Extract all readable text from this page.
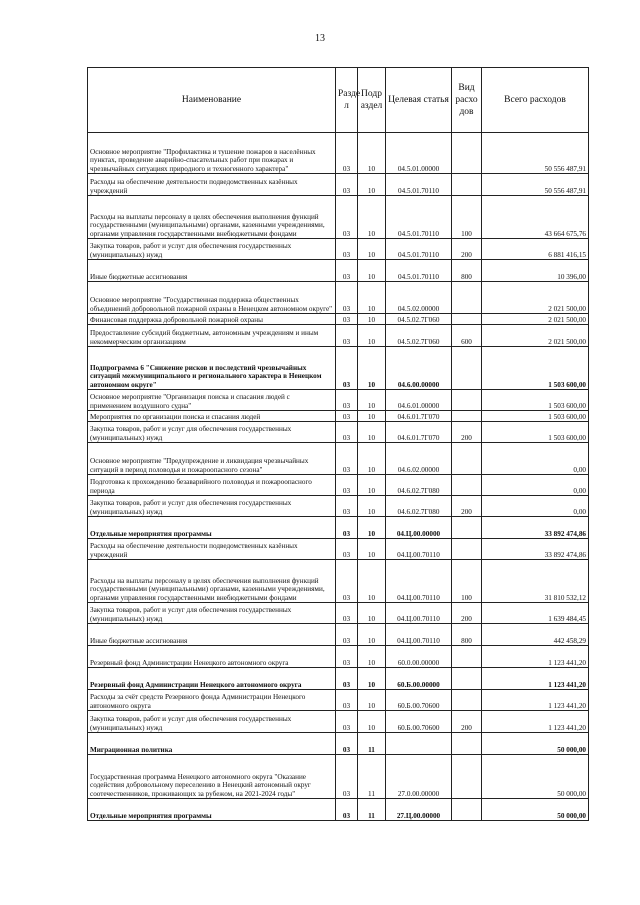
13
Наименование	Разде л	Подр аздел	Целевая статья	Вид расхо дов	Всего расходов
Основное мероприятие "Профилактика и тушение пожаров в населённых пунктах, проведение аварийно-спасательных работ при пожарах и чрезвычайных ситуациях природного и техногенного характера"	03	10	04.5.01.00000		50 556 487,91
Расходы на обеспечение деятельности подведомственных казённых учреждений	03	10	04.5.01.70110		50 556 487,91
Расходы на выплаты персоналу в целях обеспечения выполнения функций государственными (муниципальными) органами, казенными учреждениями, органами управления государственными внебюджетными фондами	03	10	04.5.01.70110	100	43 664 675,76
Закупка товаров, работ и услуг для обеспечения государственных (муниципальных) нужд	03	10	04.5.01.70110	200	6 881 416,15
Иные бюджетные ассигнования	03	10	04.5.01.70110	800	10 396,00
Основное мероприятие "Государственная поддержка общественных объединений добровольной пожарной охраны в Ненецком автономном округе"	03	10	04.5.02.00000		2 021 500,00
Финансовая поддержка добровольной пожарной охраны	03	10	04.5.02.7Г060		2 021 500,00
Предоставление субсидий бюджетным, автономным учреждениям и иным некоммерческим организациям	03	10	04.5.02.7Г060	600	2 021 500,00
Подпрограмма 6 "Снижение рисков и последствий чрезвычайных ситуаций межмуниципального и регионального характера в Ненецком автономном округе"	03	10	04.6.00.00000		1 503 600,00
Основное мероприятие "Организация поиска и спасания людей с применением воздушного судна"	03	10	04.6.01.00000		1 503 600,00
Мероприятия по организации поиска и спасания людей	03	10	04.6.01.7Г070		1 503 600,00
Закупка товаров, работ и услуг для обеспечения государственных (муниципальных) нужд	03	10	04.6.01.7Г070	200	1 503 600,00
Основное мероприятие "Предупреждение и ликвидация чрезвычайных ситуаций в период половодья и пожароопасного сезона"	03	10	04.6.02.00000		0,00
Подготовка к прохождению безаварийного половодья и пожароопасного периода	03	10	04.6.02.7Г080		0,00
Закупка товаров, работ и услуг для обеспечения государственных (муниципальных) нужд	03	10	04.6.02.7Г080	200	0,00
Отдельные мероприятия программы	03	10	04.Ц.00.00000		33 892 474,86
Расходы на обеспечение деятельности подведомственных казённых учреждений	03	10	04.Ц.00.70110		33 892 474,86
Расходы на выплаты персоналу в целях обеспечения выполнения функций государственными (муниципальными) органами, казенными учреждениями, органами управления государственными внебюджетными фондами	03	10	04.Ц.00.70110	100	31 810 532,12
Закупка товаров, работ и услуг для обеспечения государственных (муниципальных) нужд	03	10	04.Ц.00.70110	200	1 639 484,45
Иные бюджетные ассигнования	03	10	04.Ц.00.70110	800	442 458,29
Резервный фонд Администрации Ненецкого автономного округа	03	10	60.0.00.00000		1 123 441,20
Резервный фонд Администрации Ненецкого автономного округа	03	10	60.Б.00.00000		1 123 441,20
Расходы за счёт средств Резервного фонда Администрации Ненецкого автономного округа	03	10	60.Б.00.70600		1 123 441,20
Закупка товаров, работ и услуг для обеспечения государственных (муниципальных) нужд	03	10	60.Б.00.70600	200	1 123 441,20
Миграционная политика	03	11			50 000,00
Государственная программа Ненецкого автономного округа "Оказание содействия добровольному переселению в Ненецкий автономный округ соотечественников, проживающих за рубежом, на 2021-2024 годы"	03	11	27.0.00.00000		50 000,00
Отдельные мероприятия программы	03	11	27.Ц.00.00000		50 000,00
